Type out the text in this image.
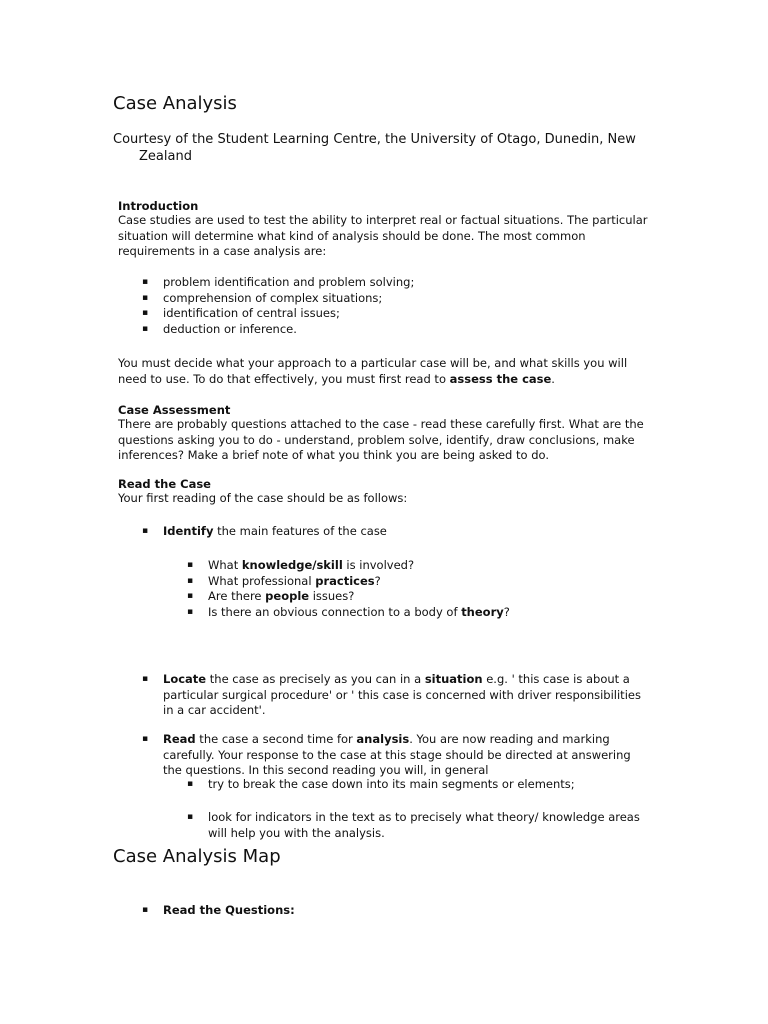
Case Analysis
Courtesy of the Student Learning Centre, the University of Otago, Dunedin, New
Zealand
Introduction
Case studies are used to test the ability to interpret real or factual situations. The particular situation will determine what kind of analysis should be done. The most common requirements in a case analysis are:
▪ problem identification and problem solving;
▪ comprehension of complex situations;
▪ identification of central issues;
▪ deduction or inference.
You must decide what your approach to a particular case will be, and what skills you will need to use. To do that effectively, you must first read to assess the case.
Case Assessment
There are probably questions attached to the case - read these carefully first. What are the questions asking you to do - understand, problem solve, identify, draw conclusions, make inferences? Make a brief note of what you think you are being asked to do.
Read the Case
Your first reading of the case should be as follows:
▪ Identify the main features of the case
▪ What knowledge/skill is involved?
▪ What professional practices?
▪ Are there people issues?
▪ Is there an obvious connection to a body of theory?
▪ Locate the case as precisely as you can in a situation e.g. ' this case is about a particular surgical procedure' or ' this case is concerned with driver responsibilities in a car accident'.
▪ Read the case a second time for analysis. You are now reading and marking carefully. Your response to the case at this stage should be directed at answering the questions. In this second reading you will, in general
▪ try to break the case down into its main segments or elements;
▪ look for indicators in the text as to precisely what theory/ knowledge areas will help you with the analysis.
Case Analysis Map
▪ Read the Questions:
